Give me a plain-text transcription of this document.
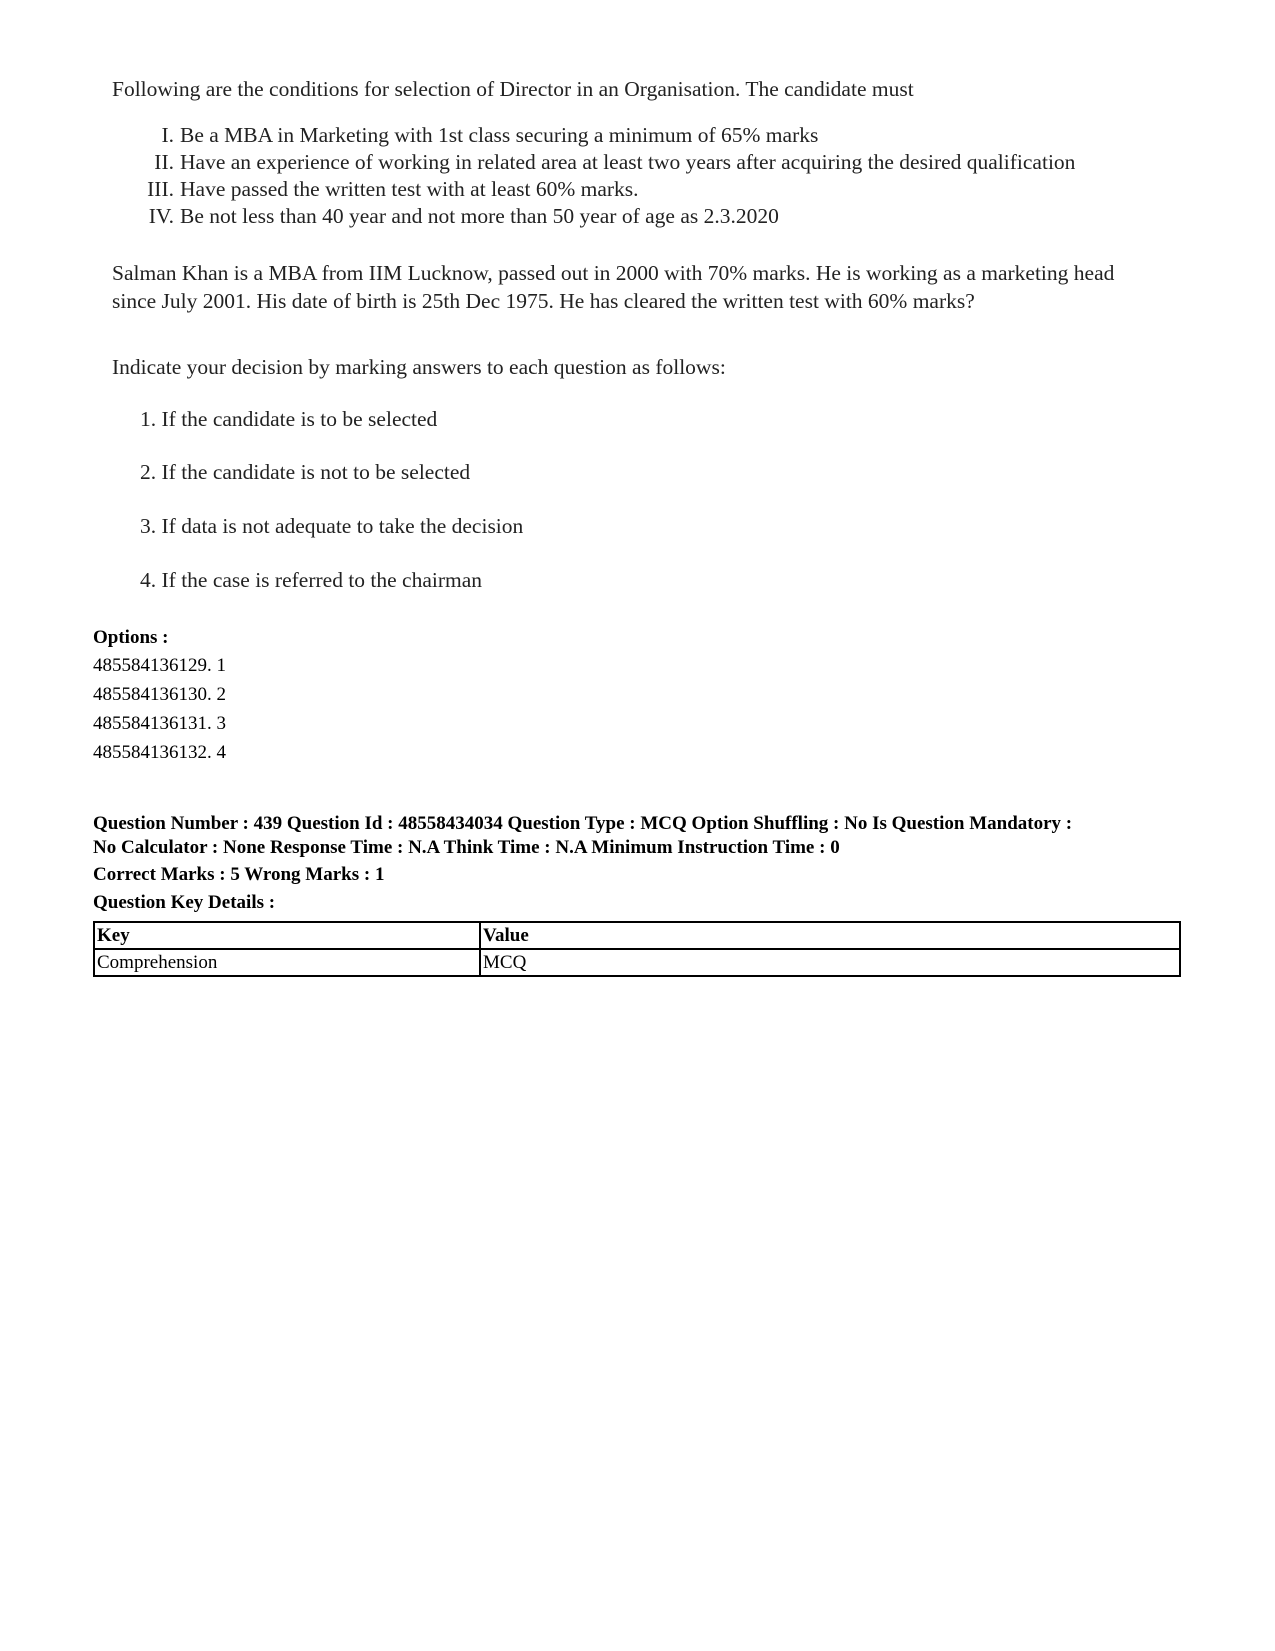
Following are the conditions for selection of Director in an Organisation. The candidate must

I. Be a MBA in Marketing with 1st class securing a minimum of 65% marks
II. Have an experience of working in related area at least two years after acquiring the desired qualification
III. Have passed the written test with at least 60% marks.
IV. Be not less than 40 year and not more than 50 year of age as 2.3.2020

Salman Khan is a MBA from IIM Lucknow, passed out in 2000 with 70% marks. He is working as a marketing head since July 2001. His date of birth is 25th Dec 1975. He has cleared the written test with 60% marks?

Indicate your decision by marking answers to each question as follows:

1. If the candidate is to be selected

2. If the candidate is not to be selected

3. If data is not adequate to take the decision

4. If the case is referred to the chairman

Options :
485584136129. 1
485584136130. 2
485584136131. 3
485584136132. 4
Question Number : 439 Question Id : 48558434034 Question Type : MCQ Option Shuffling : No Is Question Mandatory :
No Calculator : None Response Time : N.A Think Time : N.A Minimum Instruction Time : 0
Correct Marks : 5 Wrong Marks : 1
Question Key Details :
Key	Value
Comprehension	MCQ
